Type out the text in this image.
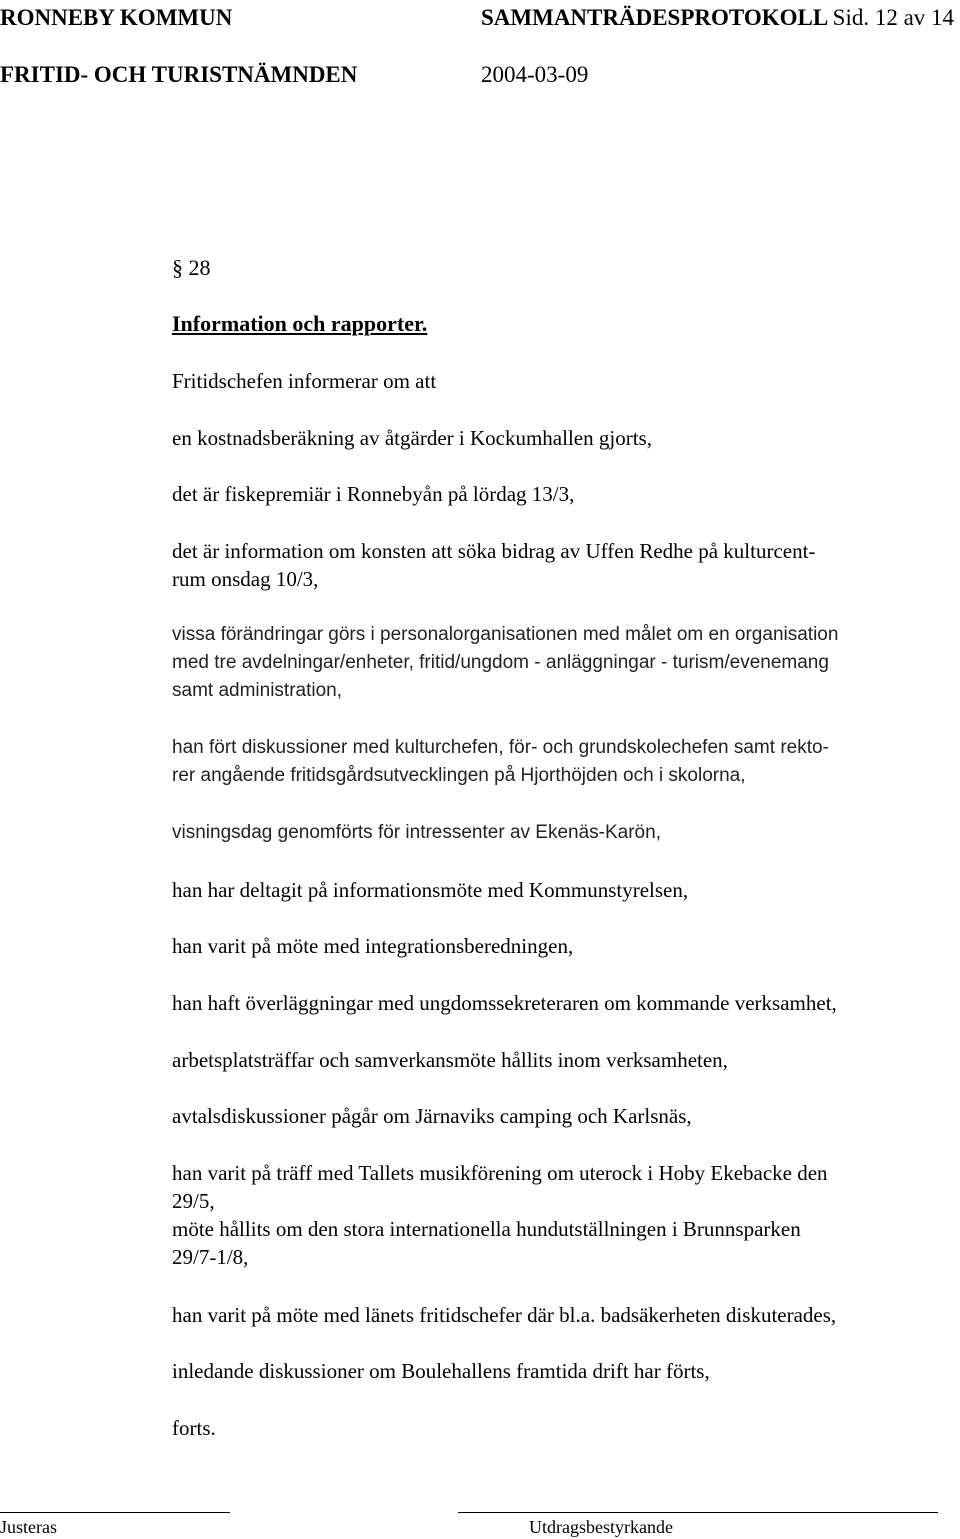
RONNEBY KOMMUN	SAMMANTRÄDESPROTOKOLL Sid. 12 av 14
FRITID- OCH TURISTNÄMNDEN	2004-03-09
§ 28
Information och rapporter.

Fritidschefen informerar om att

en kostnadsberäkning av åtgärder i Kockumhallen gjorts,

det är fiskepremiär i Ronnebyån på lördag 13/3,

det är information om konsten att söka bidrag av Uffen Redhe på kulturcent-
rum onsdag 10/3,

vissa förändringar görs i personalorganisationen med målet om en organisation
med tre avdelningar/enheter, fritid/ungdom - anläggningar - turism/evenemang
samt administration,

han fört diskussioner med kulturchefen, för- och grundskolechefen samt rekto-
rer angående fritidsgårdsutvecklingen på Hjorthöjden och i skolorna,

visningsdag genomförts för intressenter av Ekenäs-Karön,

han har deltagit på informationsmöte med Kommunstyrelsen,

han varit på möte med integrationsberedningen,

han haft överläggningar med ungdomssekreteraren om kommande verksamhet,

arbetsplatsträffar och samverkansmöte hållits inom verksamheten,

avtalsdiskussioner pågår om Järnaviks camping och Karlsnäs,

han varit på träff med Tallets musikförening om uterock i Hoby Ekebacke den
29/5,
möte hållits om den stora internationella hundutställningen i Brunnsparken
29/7-1/8,

han varit på möte med länets fritidschefer där bl.a. badsäkerheten diskuterades,

inledande diskussioner om Boulehallens framtida drift har förts,

forts.

Justeras	Utdragsbestyrkande
